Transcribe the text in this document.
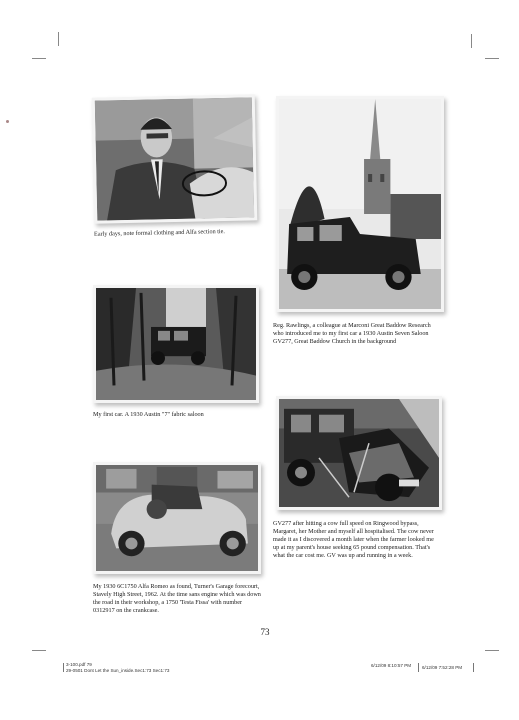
Early days, note formal clothing and Alfa section tie.

Reg. Rawlings, a colleague at Marconi Great Baddow Research who introduced me to my first car a 1930 Austin Seven Saloon GV277, Great Baddow Church in the background

My first car. A 1930 Austin "7" fabric saloon

GV277 after hitting a cow full speed on Ringwood bypass, Margaret, her Mother and myself all hospitalised. The cow never made it as I discovered a month later when the farmer looked me up at my parent's house seeking 65 pound compensation. That's what the car cost me. GV was up and running in a week.

My 1930 6C1750 Alfa Romeo as found, Turner's Garage forecourt, Stavely High Street, 1962. At the time sans engine which was down the road in their workshop, a 1750 'Testa Fissa' with number 0312917 on the crankcase.

73
3-100.pdf 79
29-0501 Dont Let the Sun_inside.Sec1:73 Sec1:73
6/12/09 8:10:57 PM 6/12/09 7:52:28 PM
